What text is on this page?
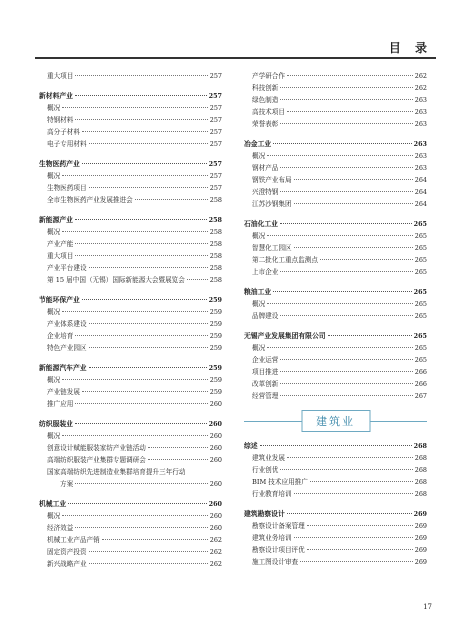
目 录
重大项目	257
新材料产业	257
概况	257
特钢材料	257
高分子材料	257
电子专用材料	257
生物医药产业	257
概况	257
生物医药项目	257
全市生物医药产业发展推进会	258
新能源产业	258
概况	258
产业产能	258
重大项目	258
产业平台建设	258
第 15 届中国（无锡）国际新能源大会暨展览会	258
节能环保产业	259
概况	259
产业体系建设	259
企业培育	259
特色产业园区	259
新能源汽车产业	259
概况	259
产业链发展	259
推广应用	260
纺织服装业	260
概况	260
创意设计赋能服装家纺产业链活动	260
高端纺织服装产业集群专题调研会	260
国家高端纺织先进制造业集群培育提升三年行动
方案	260
机械工业	260
概况	260
经济效益	260
机械工业产品产销	262
固定资产投资	262
新兴战略产业	262
产学研合作	262
科技创新	262
绿色制造	263
高技术项目	263
荣誉表彰	263
冶金工业	263
概况	263
钢材产品	263
钢铁产业布局	264
兴澄特钢	264
江苏沙钢集团	264
石油化工业	265
概况	265
智慧化工园区	265
第二批化工重点监测点	265
上市企业	265
粮油工业	265
概况	265
品牌建设	265
无锡产业发展集团有限公司	265
概况	265
企业运营	265
项目推进	266
改革创新	266
经营管理	267
建筑业
综述	268
建筑业发展	268
行业创优	268
BIM 技术应用推广	268
行业教育培训	268
建筑勘察设计	269
勘察设计备案管理	269
建筑业务培训	269
勘察设计项目评优	269
施工图设计审查	269
17
